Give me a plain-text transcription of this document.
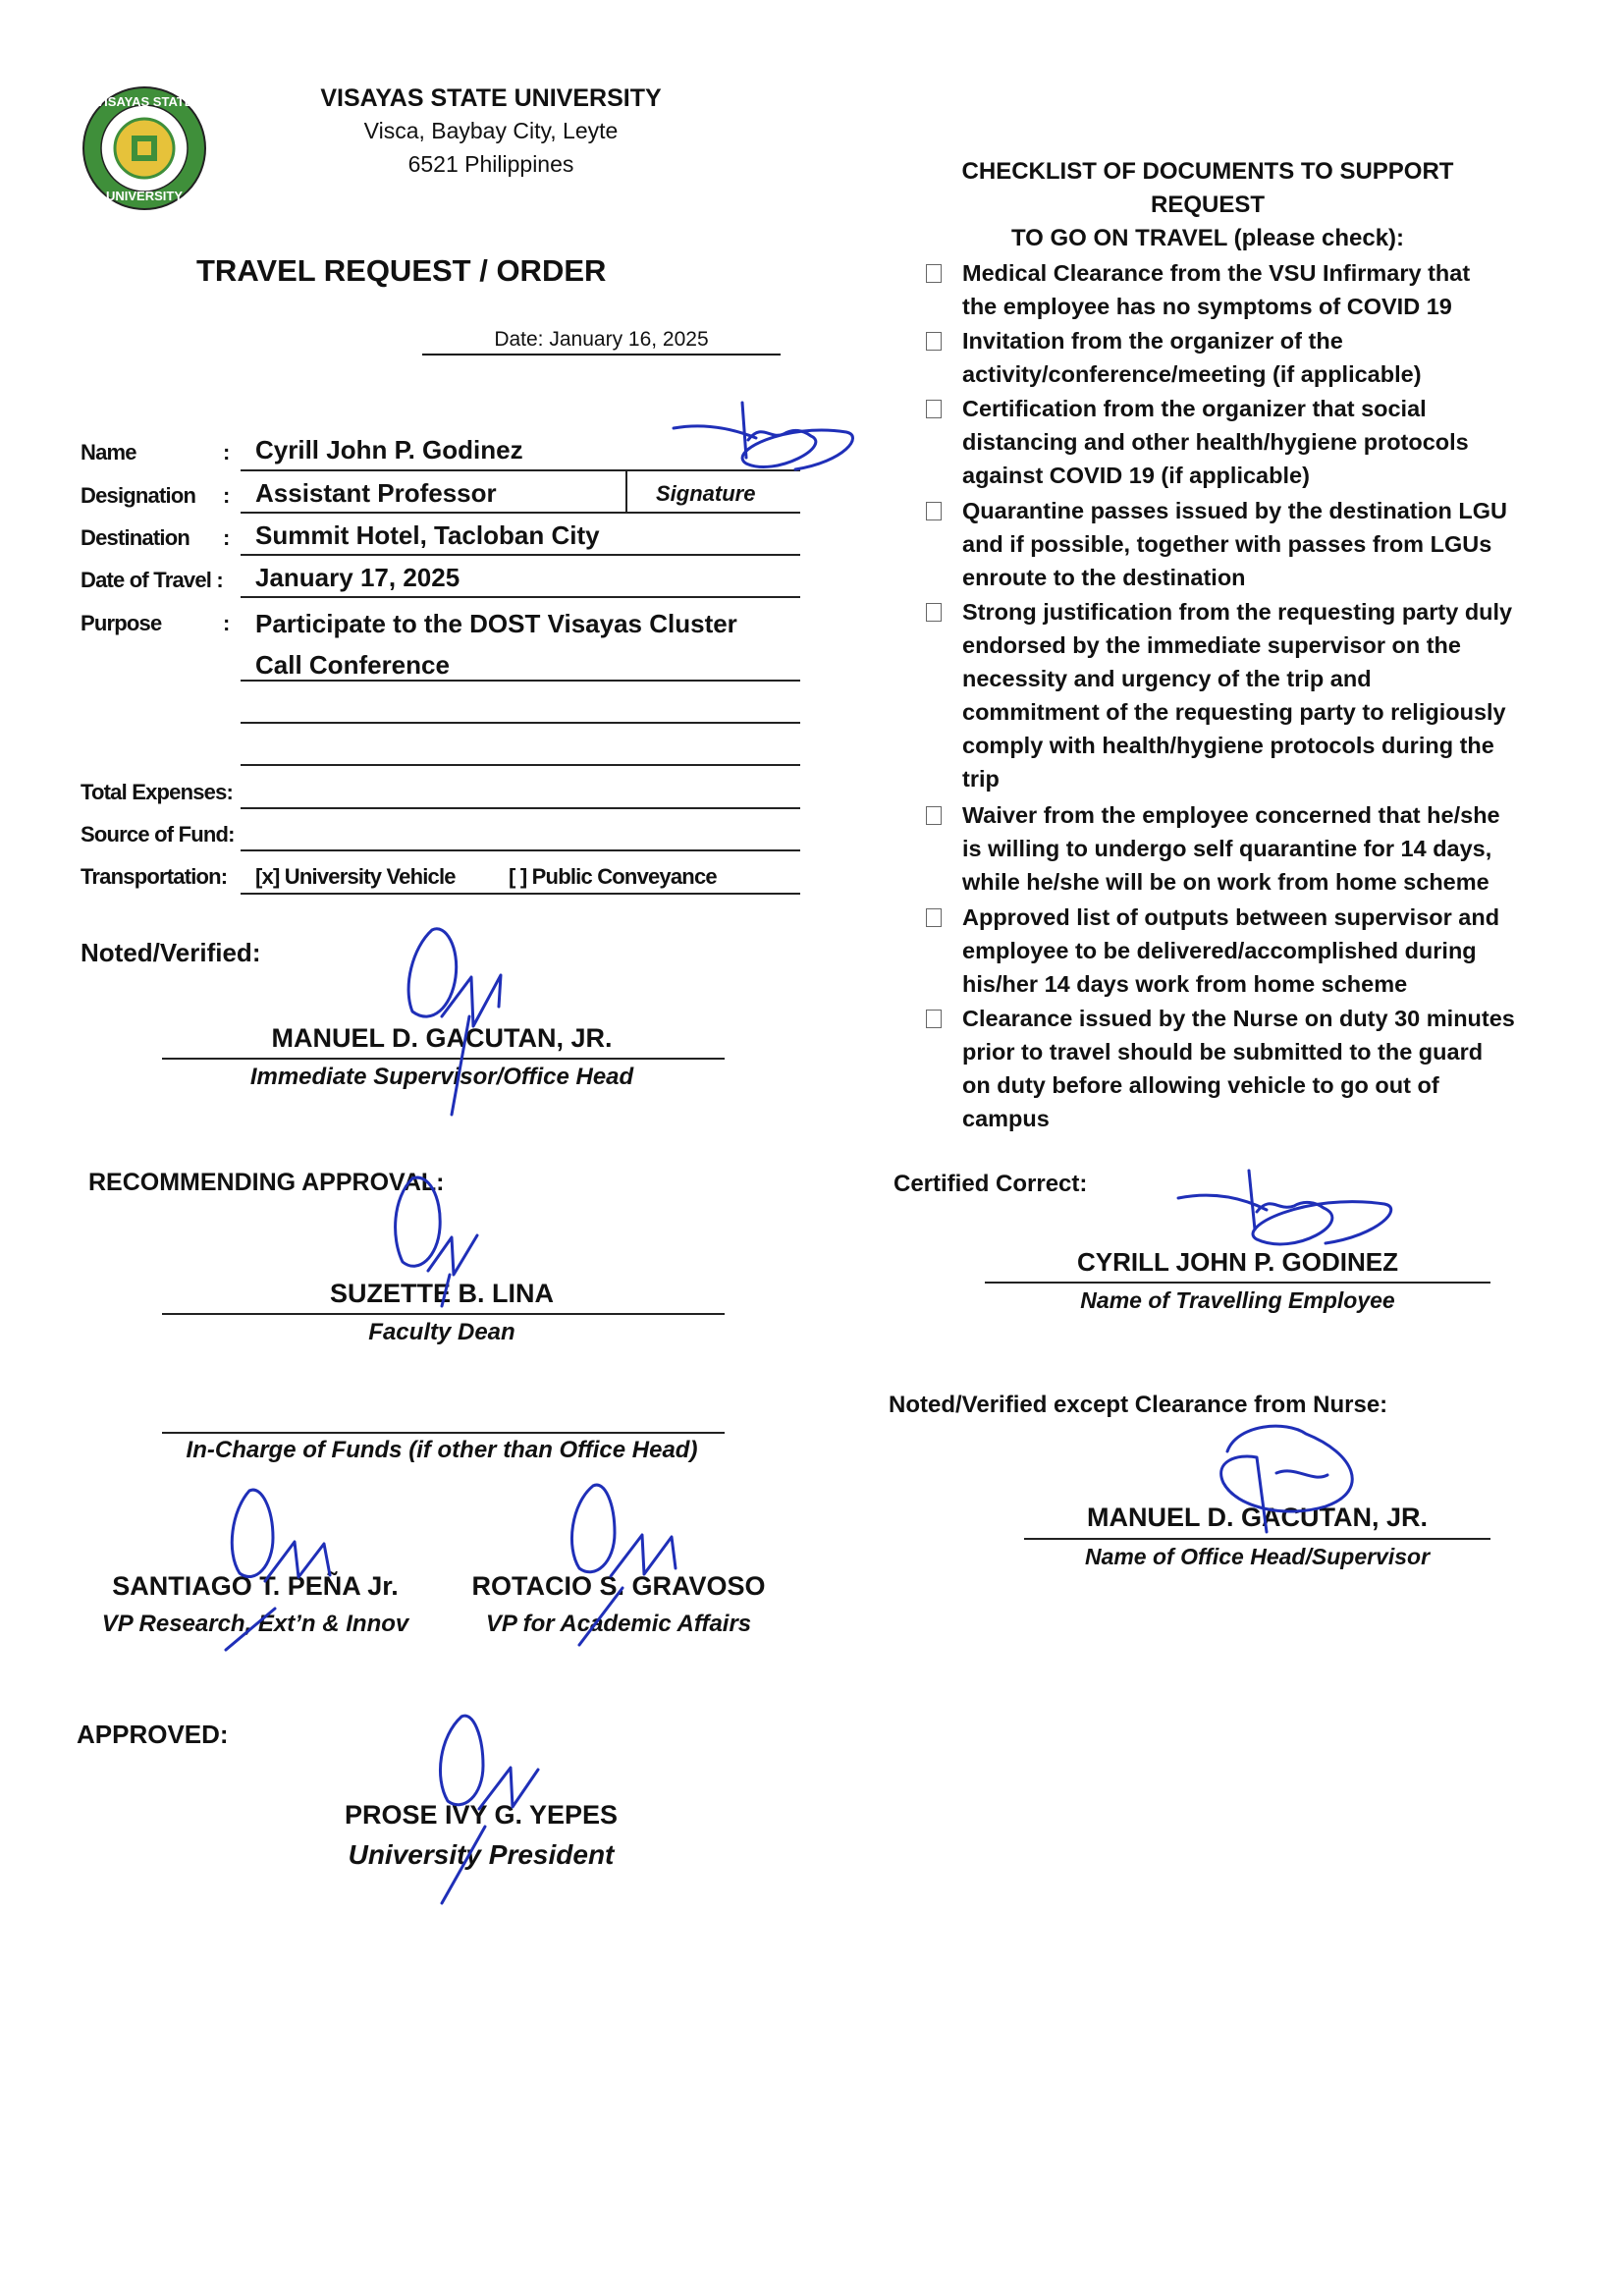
VISAYAS STATE
UNIVERSITY
VISAYAS STATE UNIVERSITY
Visca, Baybay City, Leyte
6521 Philippines
TRAVEL REQUEST / ORDER
Date: January 16, 2025
Name	: Cyrill John P. Godinez
Designation : Assistant Professor	Signature
Destination : Summit Hotel, Tacloban City
Date of Travel : January 17, 2025
Purpose	: Participate to the DOST Visayas Cluster
Call Conference
Total Expenses:
Source of Fund:
Transportation: [x] University Vehicle [ ] Public Conveyance
Noted/Verified:
MANUEL D. GACUTAN, JR.
Immediate Supervisor/Office Head
RECOMMENDING APPROVAL:
SUZETTE B. LINA
Faculty Dean
In-Charge of Funds (if other than Office Head)
SANTIAGO T. PEÑA Jr.
VP Research, Ext’n & Innov
ROTACIO S. GRAVOSO
VP for Academic Affairs
APPROVED:
PROSE IVY G. YEPES
University President
CHECKLIST OF DOCUMENTS TO SUPPORT REQUEST
TO GO ON TRAVEL (please check):
Medical Clearance from the VSU Infirmary that
the employee has no symptoms of COVID 19
Invitation from the organizer of the
activity/conference/meeting (if applicable)
Certification from the organizer that social
distancing and other health/hygiene protocols
against COVID 19 (if applicable)
Quarantine passes issued by the destination LGU
and if possible, together with passes from LGUs
enroute to the destination
Strong justification from the requesting party duly
endorsed by the immediate supervisor on the
necessity and urgency of the trip and
commitment of the requesting party to religiously
comply with health/hygiene protocols during the
trip
Waiver from the employee concerned that he/she
is willing to undergo self quarantine for 14 days,
while he/she will be on work from home scheme
Approved list of outputs between supervisor and
employee to be delivered/accomplished during
his/her 14 days work from home scheme
Clearance issued by the Nurse on duty 30 minutes
prior to travel should be submitted to the guard
on duty before allowing vehicle to go out of
campus
Certified Correct:
CYRILL JOHN P. GODINEZ
Name of Travelling Employee
Noted/Verified except Clearance from Nurse:
MANUEL D. GACUTAN, JR.
Name of Office Head/Supervisor
